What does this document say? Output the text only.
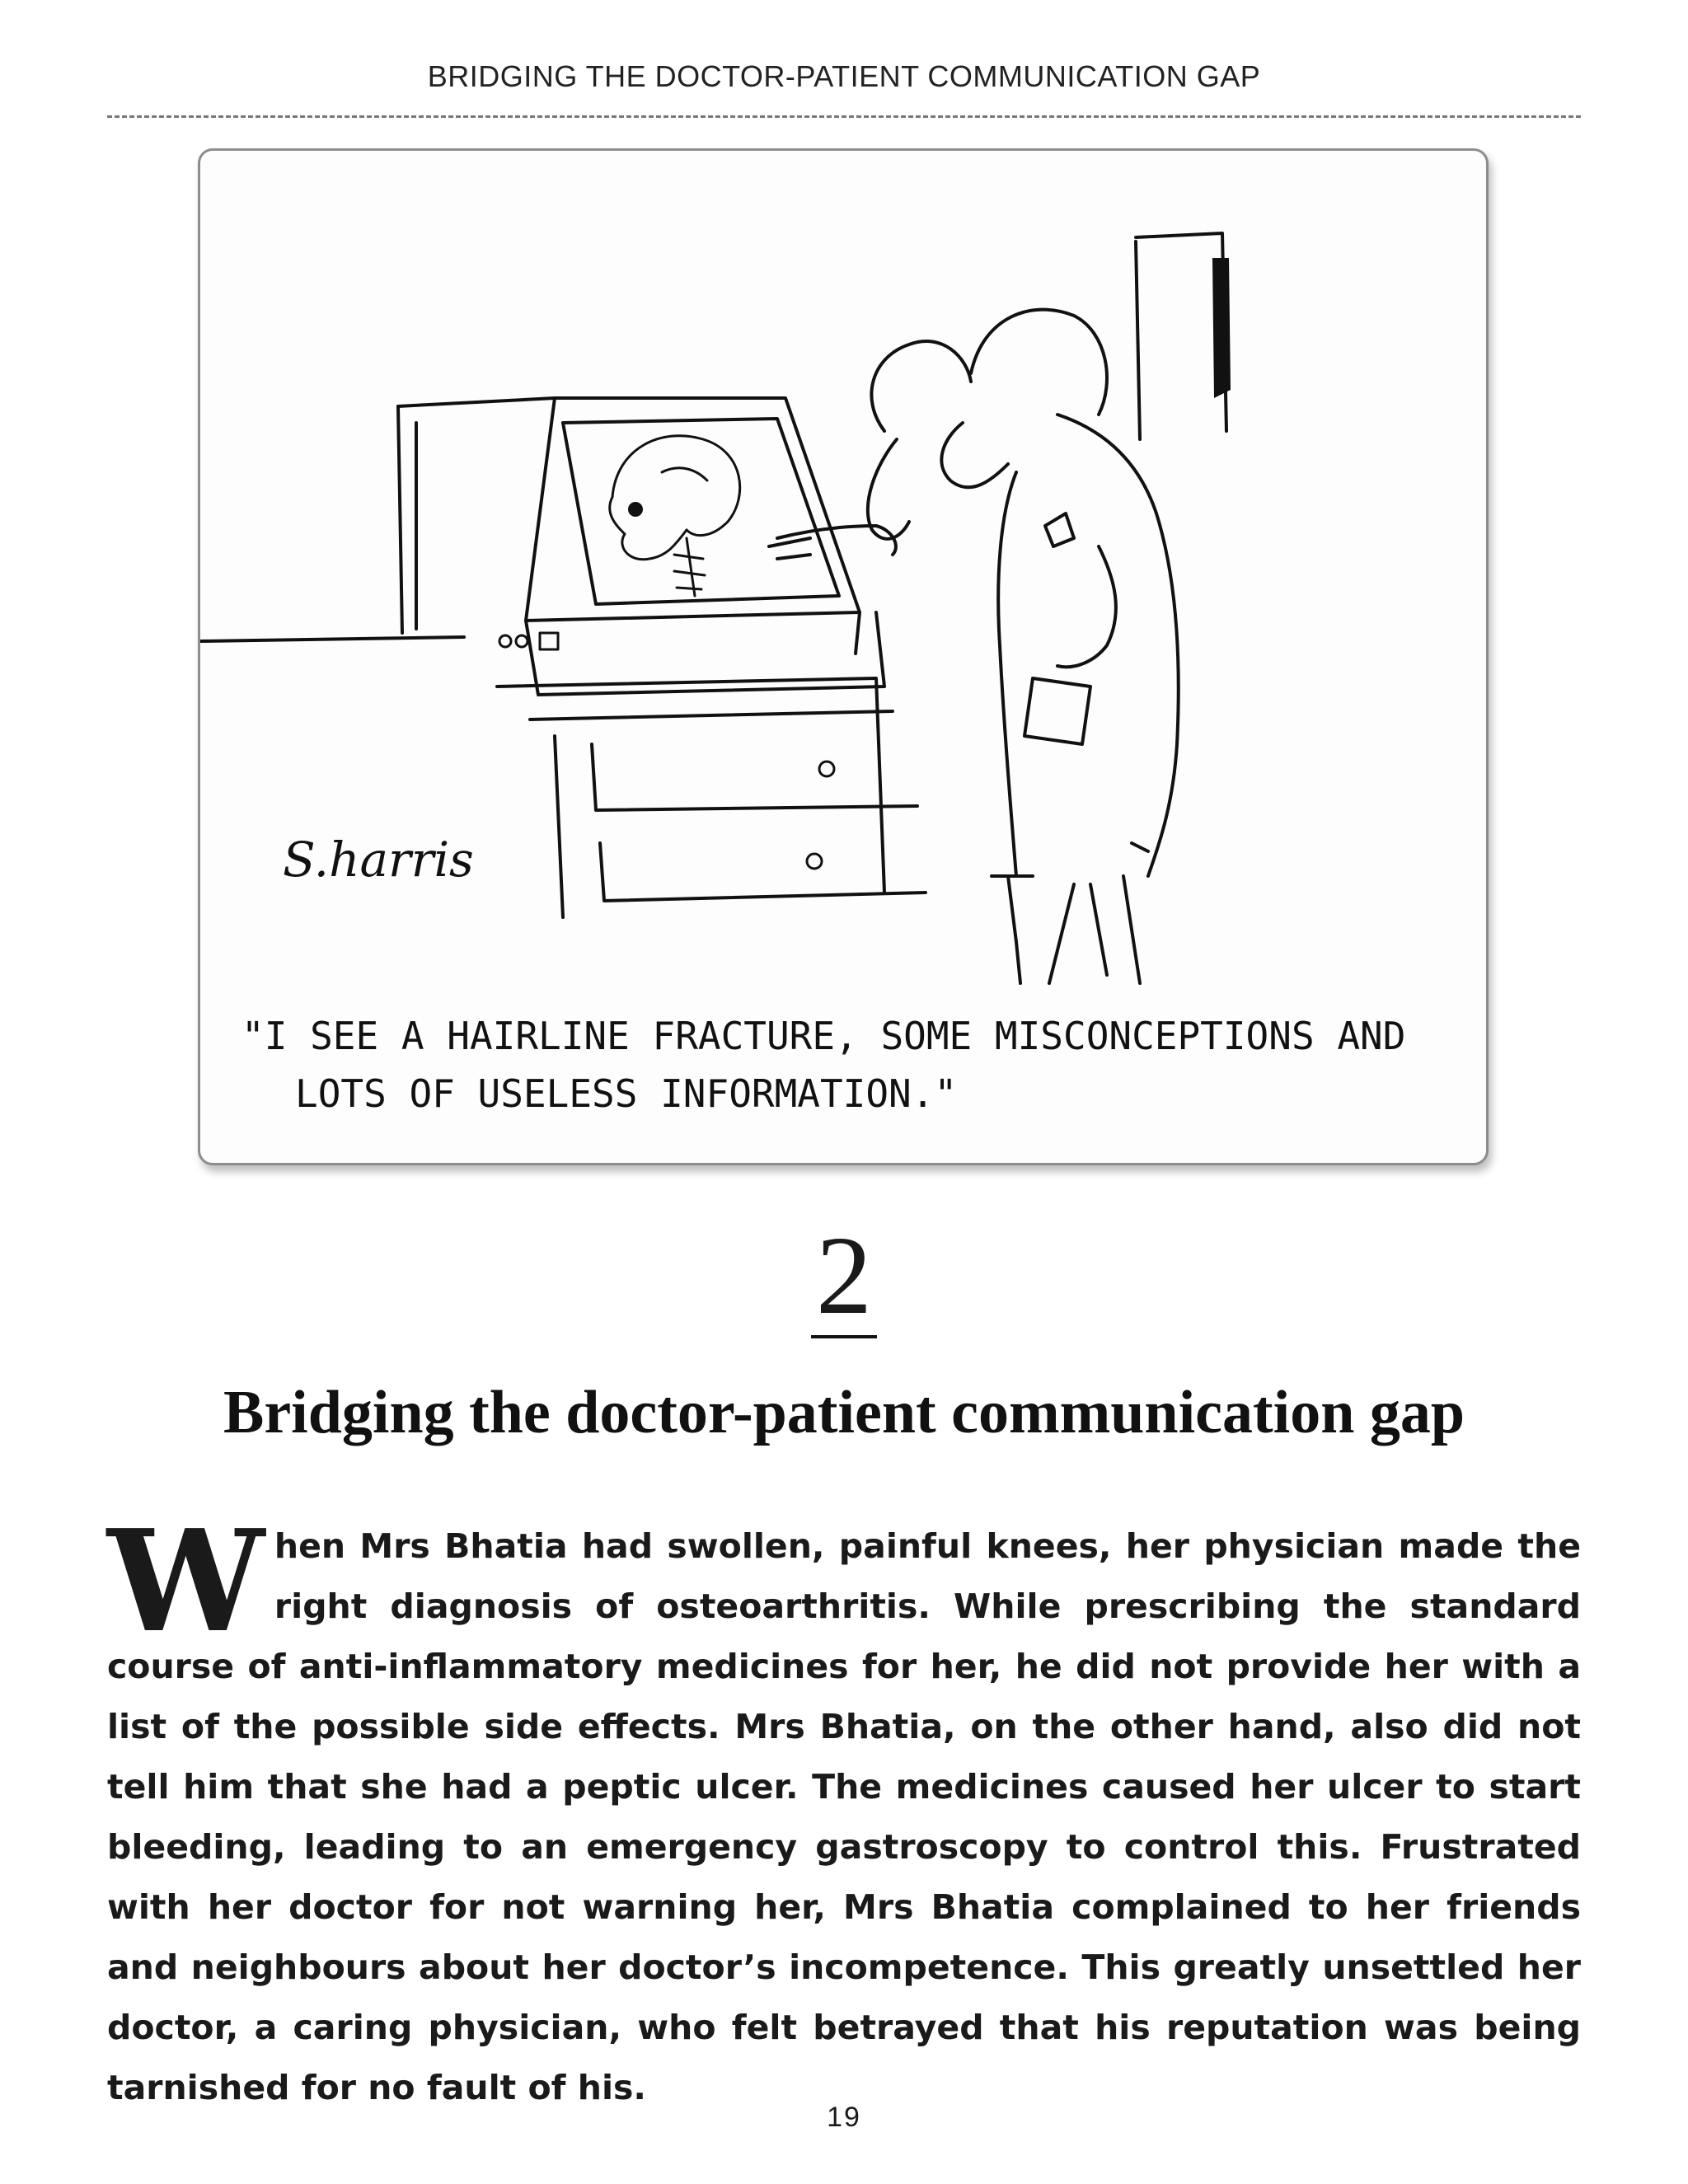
BRIDGING THE DOCTOR-PATIENT COMMUNICATION GAP
S.harris
"I SEE A HAIRLINE FRACTURE, SOME MISCONCEPTIONS AND
LOTS OF USELESS INFORMATION."
2
Bridging the doctor-patient communication gap
W hen Mrs Bhatia had swollen, painful knees, her physician made the right diagnosis of osteoarthritis. While prescribing the standard course of anti-inflammatory medicines for her, he did not provide her with a list of the possible side effects. Mrs Bhatia, on the other hand, also did not tell him that she had a peptic ulcer. The medicines caused her ulcer to start bleeding, leading to an emergency gastroscopy to control this. Frustrated with her doctor for not warning her, Mrs Bhatia complained to her friends and neighbours about her doctor’s incompetence. This greatly unsettled her doctor, a caring physician, who felt betrayed that his reputation was being tarnished for no fault of his.
19
